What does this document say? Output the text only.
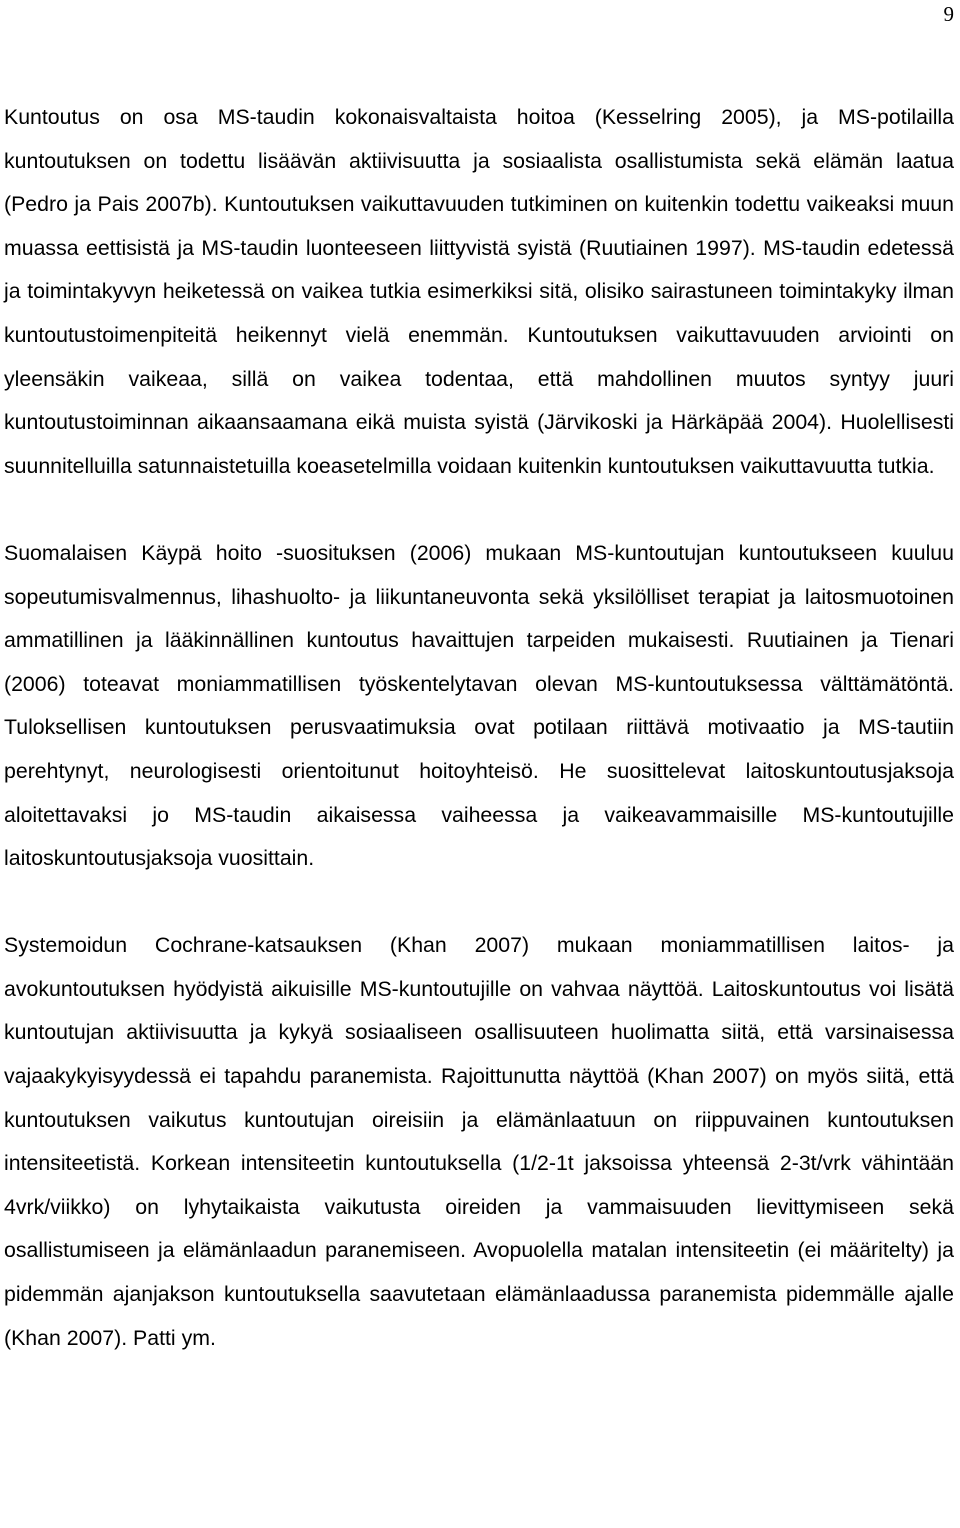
9

Kuntoutus on osa MS-taudin kokonaisvaltaista hoitoa (Kesselring 2005), ja MS-potilailla kuntoutuksen on todettu lisäävän aktiivisuutta ja sosiaalista osallistumista sekä elämän laatua (Pedro ja Pais 2007b). Kuntoutuksen vaikuttavuuden tutkiminen on kuitenkin todettu vaikeaksi muun muassa eettisistä ja MS-taudin luonteeseen liittyvistä syistä (Ruutiainen 1997). MS-taudin edetessä ja toimintakyvyn heiketessä on vaikea tutkia esimerkiksi sitä, olisiko sairastuneen toimintakyky ilman kuntoutustoimenpiteitä heikennyt vielä enemmän. Kuntoutuksen vaikuttavuuden arviointi on yleensäkin vaikeaa, sillä on vaikea todentaa, että mahdollinen muutos syntyy juuri kuntoutustoiminnan aikaansaamana eikä muista syistä (Järvikoski ja Härkäpää 2004). Huolellisesti suunnitelluilla satunnaistetuilla koeasetelmilla voidaan kuitenkin kuntoutuksen vaikuttavuutta tutkia.

Suomalaisen Käypä hoito -suosituksen (2006) mukaan MS-kuntoutujan kuntoutukseen kuuluu sopeutumisvalmennus, lihashuolto- ja liikuntaneuvonta sekä yksilölliset terapiat ja laitosmuotoinen ammatillinen ja lääkinnällinen kuntoutus havaittujen tarpeiden mukaisesti. Ruutiainen ja Tienari (2006) toteavat moniammatillisen työskentelytavan olevan MS-kuntoutuksessa välttämätöntä. Tuloksellisen kuntoutuksen perusvaatimuksia ovat potilaan riittävä motivaatio ja MS-tautiin perehtynyt, neurologisesti orientoitunut hoitoyhteisö. He suosittelevat laitoskuntoutusjaksoja aloitettavaksi jo MS-taudin aikaisessa vaiheessa ja vaikeavammaisille MS-kuntoutujille laitoskuntoutusjaksoja vuosittain.

Systemoidun Cochrane-katsauksen (Khan 2007) mukaan moniammatillisen laitos- ja avokuntoutuksen hyödyistä aikuisille MS-kuntoutujille on vahvaa näyttöä. Laitoskuntoutus voi lisätä kuntoutujan aktiivisuutta ja kykyä sosiaaliseen osallisuuteen huolimatta siitä, että varsinaisessa vajaakykyisyydessä ei tapahdu paranemista. Rajoittunutta näyttöä (Khan 2007) on myös siitä, että kuntoutuksen vaikutus kuntoutujan oireisiin ja elämänlaatuun on riippuvainen kuntoutuksen intensiteetistä. Korkean intensiteetin kuntoutuksella (1/2-1t jaksoissa yhteensä 2-3t/vrk vähintään 4vrk/viikko) on lyhytaikaista vaikutusta oireiden ja vammaisuuden lievittymiseen sekä osallistumiseen ja elämänlaadun paranemiseen. Avopuolella matalan intensiteetin (ei määritelty) ja pidemmän ajanjakson kuntoutuksella saavutetaan elämänlaadussa paranemista pidemmälle ajalle (Khan 2007). Patti ym.
